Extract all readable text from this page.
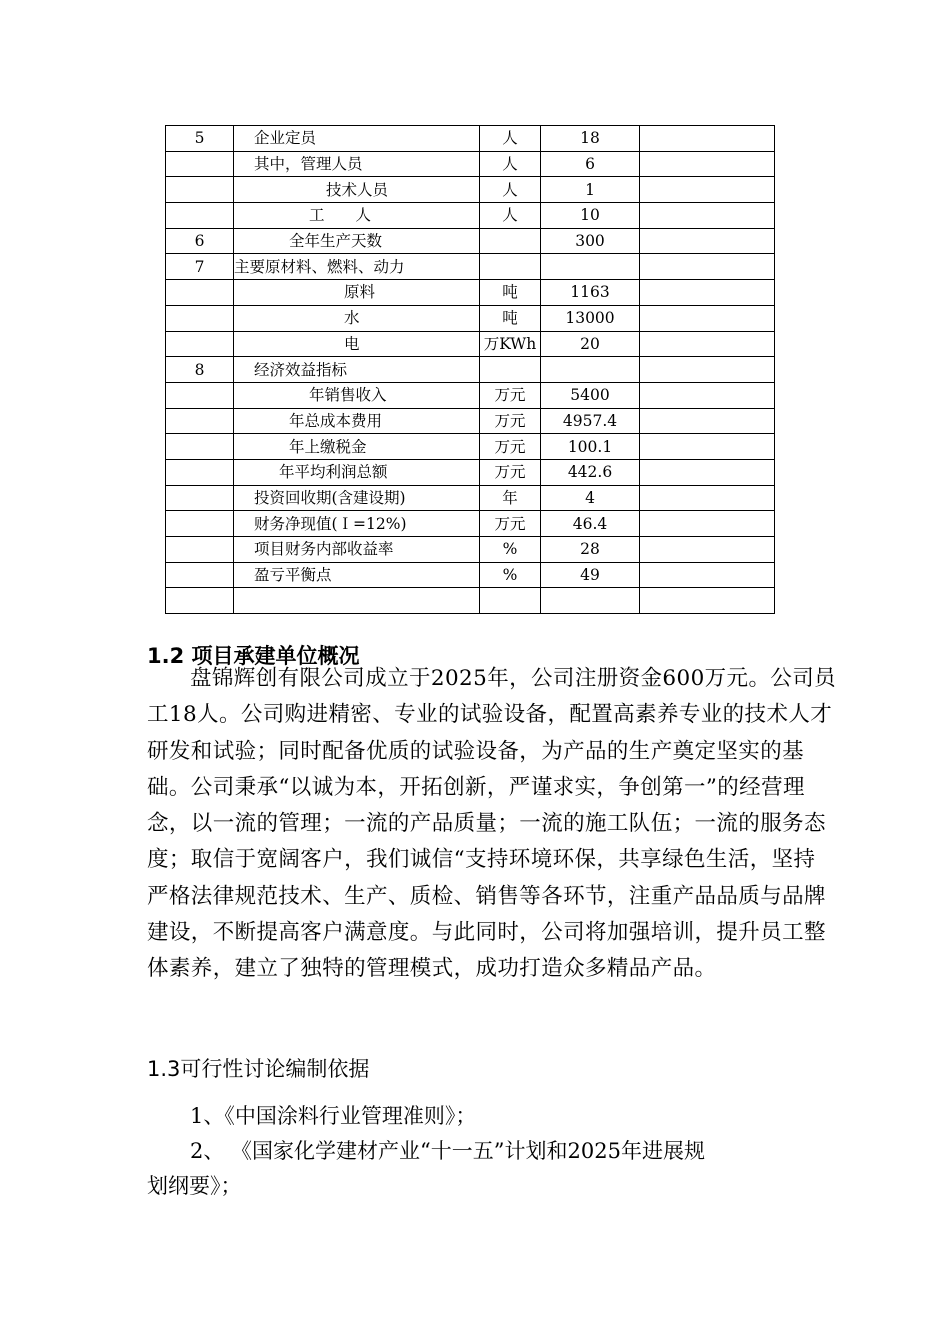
5	企业定员	人	18	
	其中，管理人员	人	6	
	技术人员	人	1	
	工　　人	人	10	
6	全年生产天数		300	
7	主要原材料、燃料、动力			
	原料	吨	1163	
	水	吨	13000	
	电	万KWh	20	
8	经济效益指标			
	年销售收入	万元	5400	
	年总成本费用	万元	4957.4	
	年上缴税金	万元	100.1	
	年平均利润总额	万元	442.6	
	投资回收期(含建设期)	年	4	
	财务净现值(Ｉ=12%)	万元	46.4	
	项目财务内部收益率	%	28	
	盈亏平衡点	%	49	

1.2 项目承建单位概况
盘锦辉创有限公司成立于2025年，公司注册资金600万元。公司员工18人。公司购进精密、专业的试验设备，配置高素养专业的技术人才研发和试验；同时配备优质的试验设备，为产品的生产奠定坚实的基础。公司秉承“以诚为本，开拓创新，严谨求实，争创第一”的经营理念，以一流的管理；一流的产品质量；一流的施工队伍；一流的服务态度；取信于宽阔客户，我们诚信“支持环境环保，共享绿色生活，坚持严格法律规范技术、生产、质检、销售等各环节，注重产品品质与品牌建设，不断提高客户满意度。与此同时，公司将加强培训，提升员工整体素养，建立了独特的管理模式，成功打造众多精品产品。
1.3可行性讨论编制依据
1、《中国涂料行业管理准则》；
2、 《国家化学建材产业“十一五”计划和2025年进展规
划纲要》；
